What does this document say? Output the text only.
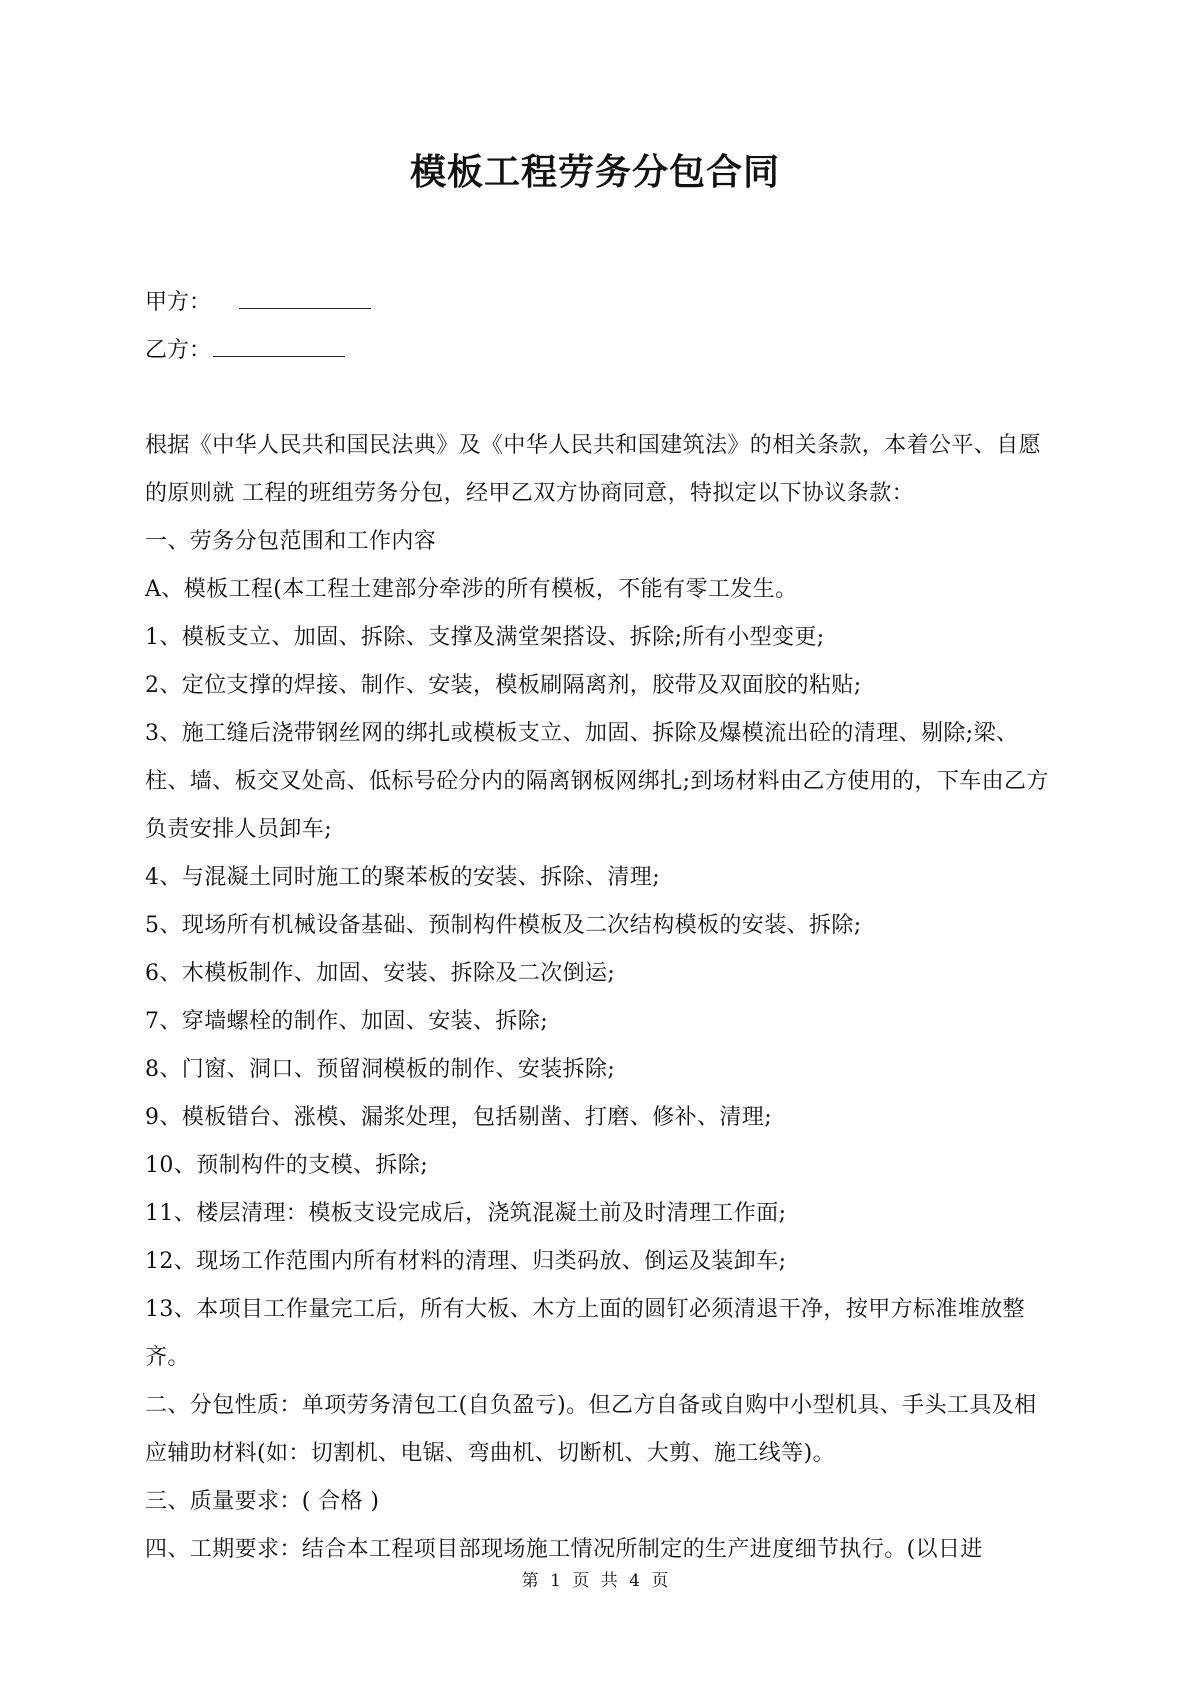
模板工程劳务分包合同
甲方：
乙方：

根据《中华人民共和国民法典》及《中华人民共和国建筑法》的相关条款，本着公平、自愿的原则就 工程的班组劳务分包，经甲乙双方协商同意，特拟定以下协议条款：

一、劳务分包范围和工作内容

A、模板工程(本工程土建部分牵涉的所有模板，不能有零工发生。

1、模板支立、加固、拆除、支撑及满堂架搭设、拆除;所有小型变更;

2、定位支撑的焊接、制作、安装，模板刷隔离剂，胶带及双面胶的粘贴;

3、施工缝后浇带钢丝网的绑扎或模板支立、加固、拆除及爆模流出砼的清理、剔除;梁、柱、墙、板交叉处高、低标号砼分内的隔离钢板网绑扎;到场材料由乙方使用的，下车由乙方负责安排人员卸车;

4、与混凝土同时施工的聚苯板的安装、拆除、清理;

5、现场所有机械设备基础、预制构件模板及二次结构模板的安装、拆除;

6、木模板制作、加固、安装、拆除及二次倒运;

7、穿墙螺栓的制作、加固、安装、拆除;

8、门窗、洞口、预留洞模板的制作、安装拆除;

9、模板错台、涨模、漏浆处理，包括剔凿、打磨、修补、清理;

10、预制构件的支模、拆除;

11、楼层清理：模板支设完成后，浇筑混凝土前及时清理工作面;

12、现场工作范围内所有材料的清理、归类码放、倒运及装卸车;

13、本项目工作量完工后，所有大板、木方上面的圆钉必须清退干净，按甲方标准堆放整齐。

二、分包性质：单项劳务清包工(自负盈亏)。但乙方自备或自购中小型机具、手头工具及相应辅助材料(如：切割机、电锯、弯曲机、切断机、大剪、施工线等)。

三、质量要求：( 合格 )

四、工期要求：结合本工程项目部现场施工情况所制定的生产进度细节执行。(以日进

第 1 页 共 4 页
